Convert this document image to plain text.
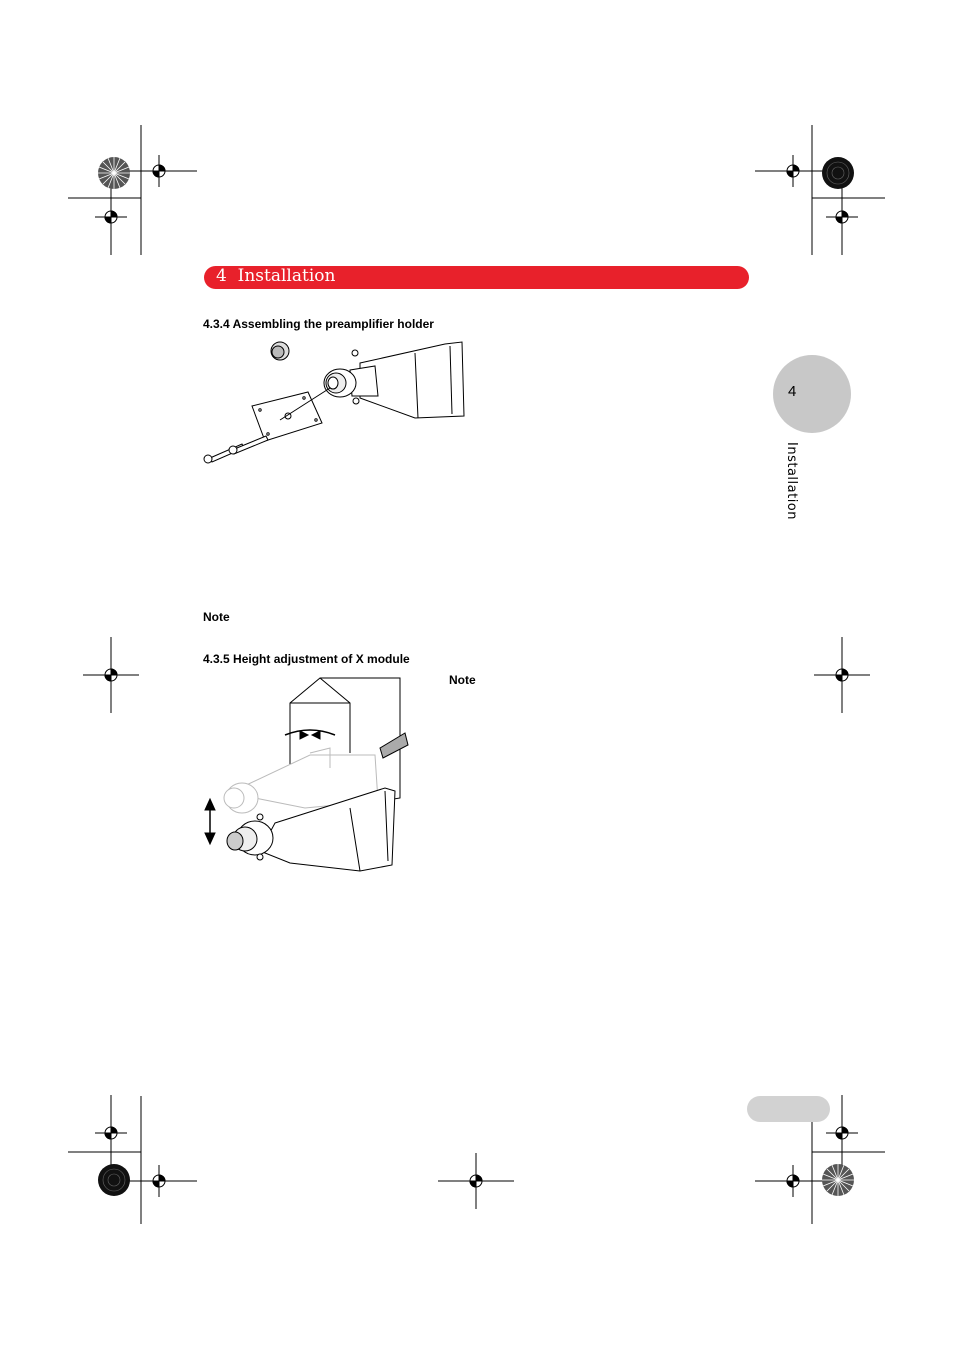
4 Installation
4.3.4 Assembling the preamplifier holder
Note
4.3.5 Height adjustment of X module
Note
4
Installation
